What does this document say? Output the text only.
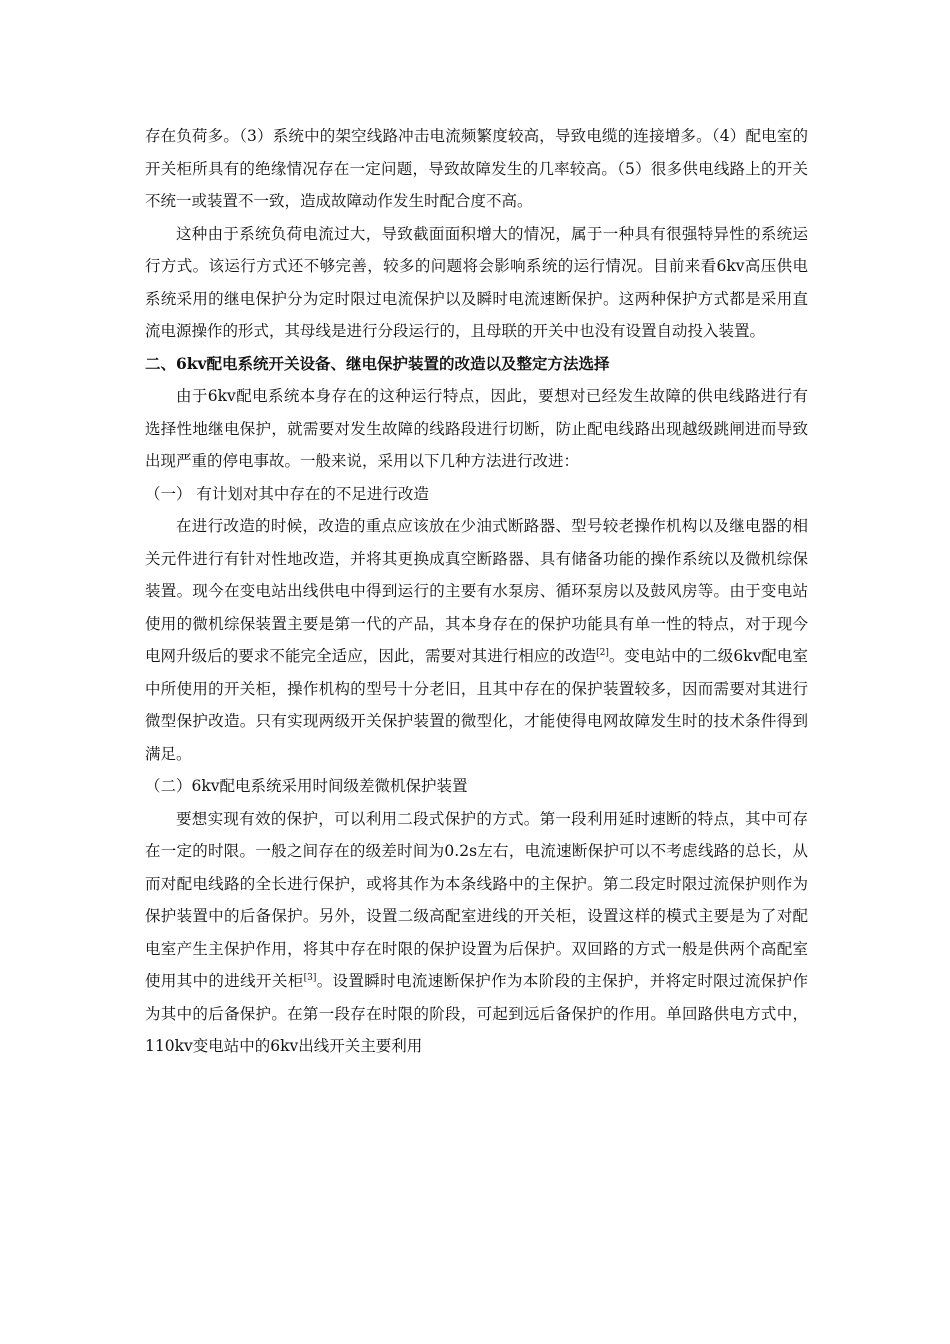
存在负荷多。（3）系统中的架空线路冲击电流频繁度较高，导致电缆的连接增多。（4）配电室的开关柜所具有的绝缘情况存在一定问题，导致故障发生的几率较高。（5）很多供电线路上的开关不统一或装置不一致，造成故障动作发生时配合度不高。

这种由于系统负荷电流过大，导致截面面积增大的情况，属于一种具有很强特异性的系统运行方式。该运行方式还不够完善，较多的问题将会影响系统的运行情况。目前来看6kv高压供电系统采用的继电保护分为定时限过电流保护以及瞬时电流速断保护。这两种保护方式都是采用直流电源操作的形式，其母线是进行分段运行的，且母联的开关中也没有设置自动投入装置。

二、6kv配电系统开关设备、继电保护装置的改造以及整定方法选择

由于6kv配电系统本身存在的这种运行特点，因此，要想对已经发生故障的供电线路进行有选择性地继电保护，就需要对发生故障的线路段进行切断，防止配电线路出现越级跳闸进而导致出现严重的停电事故。一般来说，采用以下几种方法进行改进：

（一） 有计划对其中存在的不足进行改造

在进行改造的时候，改造的重点应该放在少油式断路器、型号较老操作机构以及继电器的相关元件进行有针对性地改造，并将其更换成真空断路器、具有储备功能的操作系统以及微机综保装置。现今在变电站出线供电中得到运行的主要有水泵房、循环泵房以及鼓风房等。由于变电站使用的微机综保装置主要是第一代的产品，其本身存在的保护功能具有单一性的特点，对于现今电网升级后的要求不能完全适应，因此，需要对其进行相应的改造[2]。变电站中的二级6kv配电室中所使用的开关柜，操作机构的型号十分老旧，且其中存在的保护装置较多，因而需要对其进行微型保护改造。只有实现两级开关保护装置的微型化，才能使得电网故障发生时的技术条件得到满足。

（二）6kv配电系统采用时间级差微机保护装置

要想实现有效的保护，可以利用二段式保护的方式。第一段利用延时速断的特点，其中可存在一定的时限。一般之间存在的级差时间为0.2s左右，电流速断保护可以不考虑线路的总长，从而对配电线路的全长进行保护，或将其作为本条线路中的主保护。第二段定时限过流保护则作为保护装置中的后备保护。另外，设置二级高配室进线的开关柜，设置这样的模式主要是为了对配电室产生主保护作用，将其中存在时限的保护设置为后保护。双回路的方式一般是供两个高配室使用其中的进线开关柜[3]。设置瞬时电流速断保护作为本阶段的主保护，并将定时限过流保护作为其中的后备保护。在第一段存在时限的阶段，可起到远后备保护的作用。单回路供电方式中，110kv变电站中的6kv出线开关主要利用
